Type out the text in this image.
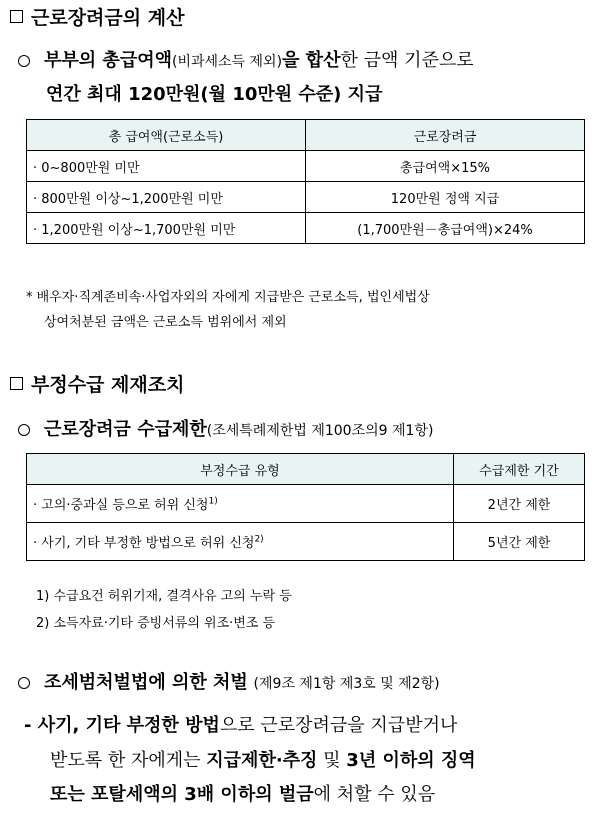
근로장려금의 계산
부부의 총급여액 (비과세소득 제외) 을 합산 한 금액 기준으로
연간 최대 120만원(월 10만원 수준) 지급
총 급여액(근로소득)	근로장려금
· 0~800만원 미만	총급여액×15%
· 800만원 이상~1,200만원 미만	120만원 정액 지급
· 1,200만원 이상~1,700만원 미만	(1,700만원－총급여액)×24%
* 배우자·직계존비속·사업자외의 자에게 지급받은 근로소득, 법인세법상
상여처분된 금액은 근로소득 범위에서 제외
부정수급 제재조치
근로장려금 수급제한 (조세특례제한법 제100조의9 제1항)
부정수급 유형	수급제한 기간
· 고의·중과실 등으로 허위 신청$^{1)}$	2년간 제한
· 사기, 기타 부정한 방법으로 허위 신청$^{2)}$	5년간 제한
1) 수급요건 허위기재, 결격사유 고의 누락 등
2) 소득자료·기타 증빙서류의 위조·변조 등
조세범처벌법에 의한 처벌
(제9조 제1항 제3호 및 제2항)
- 사기, 기타 부정한 방법으로 근로장려금을 지급받거나
받도록 한 자에게는 지급제한·추징 및 3년 이하의 징역
또는 포탈세액의 3배 이하의 벌금에 처할 수 있음
